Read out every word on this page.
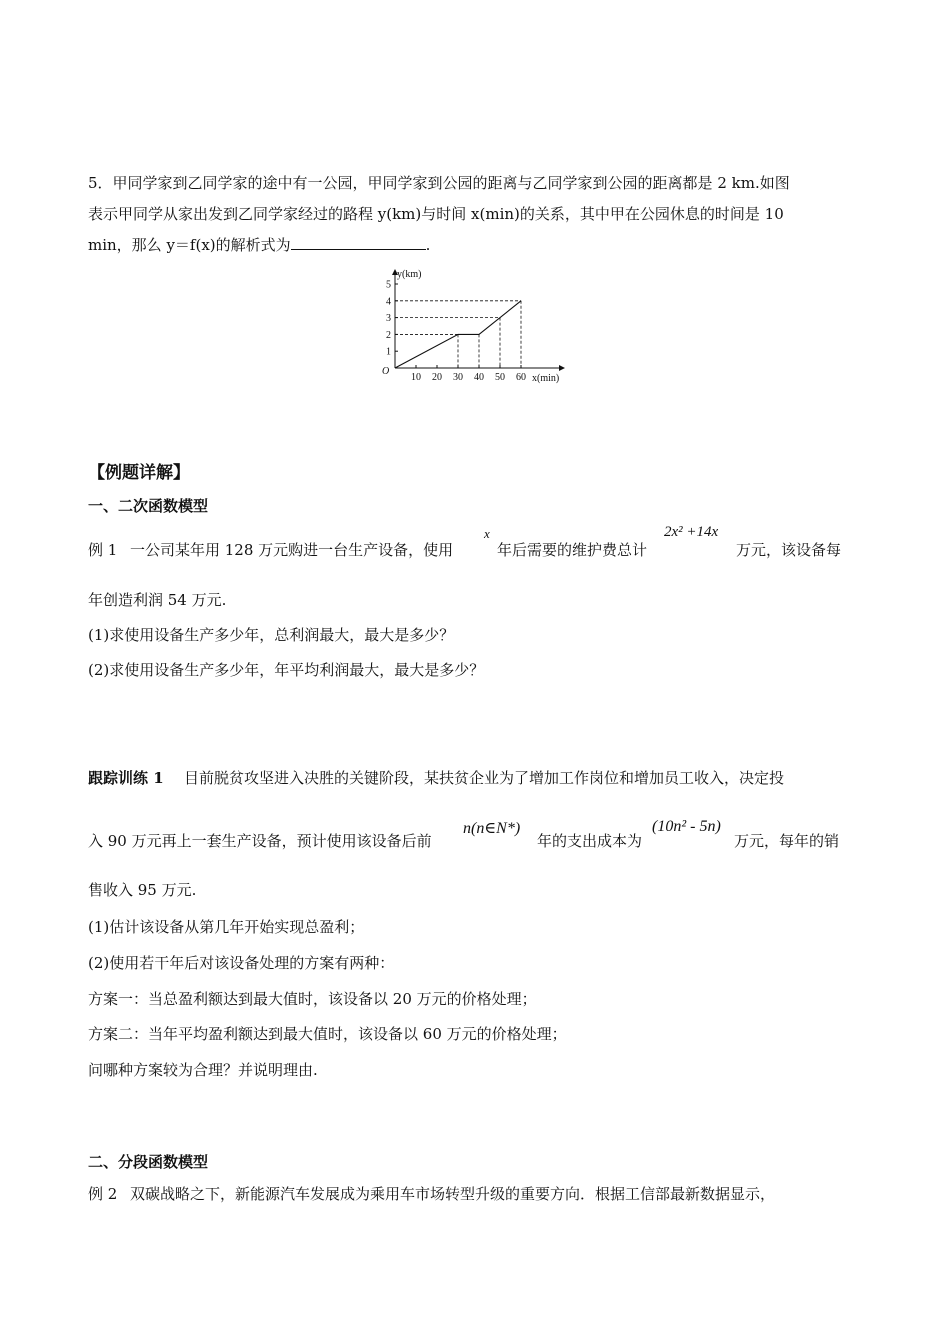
5．甲同学家到乙同学家的途中有一公园，甲同学家到公园的距离与乙同学家到公园的距离都是 2 km.如图
表示甲同学从家出发到乙同学家经过的路程 y(km)与时间 x(min)的关系，其中甲在公园休息的时间是 10
min，那么 y＝f(x)的解析式为	.
10 20 30 40 50 60
1
2
3
4
5
O
y(km)
x(min)
【例题详解】
一、二次函数模型
例 1 一公司某年用 128 万元购进一台生产设备，使用
x
年后需要的维护费总计
2x² +14x
万元，该设备每
年创造利润 54 万元.
(1)求使用设备生产多少年，总利润最大，最大是多少？
(2)求使用设备生产多少年，年平均利润最大，最大是多少？
跟踪训练 1 目前脱贫攻坚进入决胜的关键阶段，某扶贫企业为了增加工作岗位和增加员工收入，决定投
入 90 万元再上一套生产设备，预计使用该设备后前
n(n∈N*)
年的支出成本为
(10n² - 5n)
万元，每年的销
售收入 95 万元.
(1)估计该设备从第几年开始实现总盈利；
(2)使用若干年后对该设备处理的方案有两种：
方案一：当总盈利额达到最大值时，该设备以 20 万元的价格处理；
方案二：当年平均盈利额达到最大值时，该设备以 60 万元的价格处理；
问哪种方案较为合理？并说明理由.
二、分段函数模型
例 2 双碳战略之下，新能源汽车发展成为乘用车市场转型升级的重要方向．根据工信部最新数据显示，
